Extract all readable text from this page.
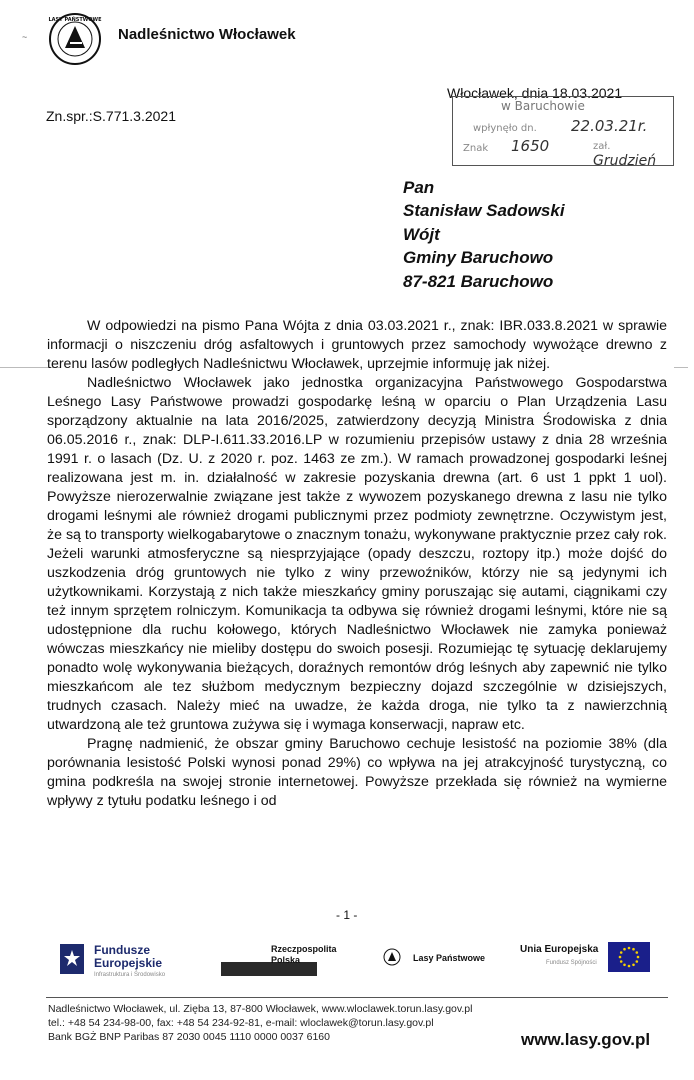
~
LASY PAŃSTWOWE
Nadleśnictwo Włocławek
Zn.spr.:S.771.3.2021
Włocławek, dnia 18.03.2021
w Baruchowie
wpłynęło dn. 22.03.21r.
Znak 1650	zał. Grudzień
Pan
Stanisław Sadowski
Wójt
Gminy Baruchowo
87-821 Baruchowo

W odpowiedzi na pismo Pana Wójta z dnia 03.03.2021 r., znak: IBR.033.8.2021 w sprawie informacji o niszczeniu dróg asfaltowych i gruntowych przez samochody wywożące drewno z terenu lasów podległych Nadleśnictwu Włocławek, uprzejmie informuję jak niżej.

Nadleśnictwo Włocławek jako jednostka organizacyjna Państwowego Gospodarstwa Leśnego Lasy Państwowe prowadzi gospodarkę leśną w oparciu o Plan Urządzenia Lasu sporządzony aktualnie na lata 2016/2025, zatwierdzony decyzją Ministra Środowiska z dnia 06.05.2016 r., znak: DLP-I.611.33.2016.LP w rozumieniu przepisów ustawy z dnia 28 września 1991 r. o lasach (Dz. U. z 2020 r. poz. 1463 ze zm.). W ramach prowadzonej gospodarki leśnej realizowana jest m. in. działalność w zakresie pozyskania drewna (art. 6 ust 1 ppkt 1 uol). Powyższe nierozerwalnie związane jest także z wywozem pozyskanego drewna z lasu nie tylko drogami leśnymi ale również drogami publicznymi przez podmioty zewnętrzne. Oczywistym jest, że są to transporty wielkogabarytowe o znacznym tonażu, wykonywane praktycznie przez cały rok. Jeżeli warunki atmosferyczne są niesprzyjające (opady deszczu, roztopy itp.) może dojść do uszkodzenia dróg gruntowych nie tylko z winy przewoźników, którzy nie są jedynymi ich użytkownikami. Korzystają z nich także mieszkańcy gminy poruszając się autami, ciągnikami czy też innym sprzętem rolniczym. Komunikacja ta odbywa się również drogami leśnymi, które nie są udostępnione dla ruchu kołowego, których Nadleśnictwo Włocławek nie zamyka ponieważ wówczas mieszkańcy nie mieliby dostępu do swoich posesji. Rozumiejąc tę sytuację deklarujemy ponadto wolę wykonywania bieżących, doraźnych remontów dróg leśnych aby zapewnić nie tylko mieszkańcom ale tez służbom medycznym bezpieczny dojazd szczególnie w dzisiejszych, trudnych czasach. Należy mieć na uwadze, że każda droga, nie tylko ta z nawierzchnią utwardzoną ale też gruntowa zużywa się i wymaga konserwacji, napraw etc.

Pragnę nadmienić, że obszar gminy Baruchowo cechuje lesistość na poziomie 38% (dla porównania lesistość Polski wynosi ponad 29%) co wpływa na jej atrakcyjność turystyczną, co gmina podkreśla na swojej stronie internetowej. Powyższe przekłada się również na wymierne wpływy z tytułu podatku leśnego i od

- 1 -
Fundusze
Europejskie
Infrastruktura i Środowisko
Rzeczpospolita
Polska	Lasy Państwowe
Unia Europejska
Fundusz Spójności
Nadleśnictwo Włocławek, ul. Zięba 13, 87-800 Włocławek, www.wloclawek.torun.lasy.gov.pl
tel.: +48 54 234-98-00, fax: +48 54 234-92-81, e-mail: wloclawek@torun.lasy.gov.pl
Bank BGŻ BNP Paribas 87 2030 0045 1110 0000 0037 6160	www.lasy.gov.pl
